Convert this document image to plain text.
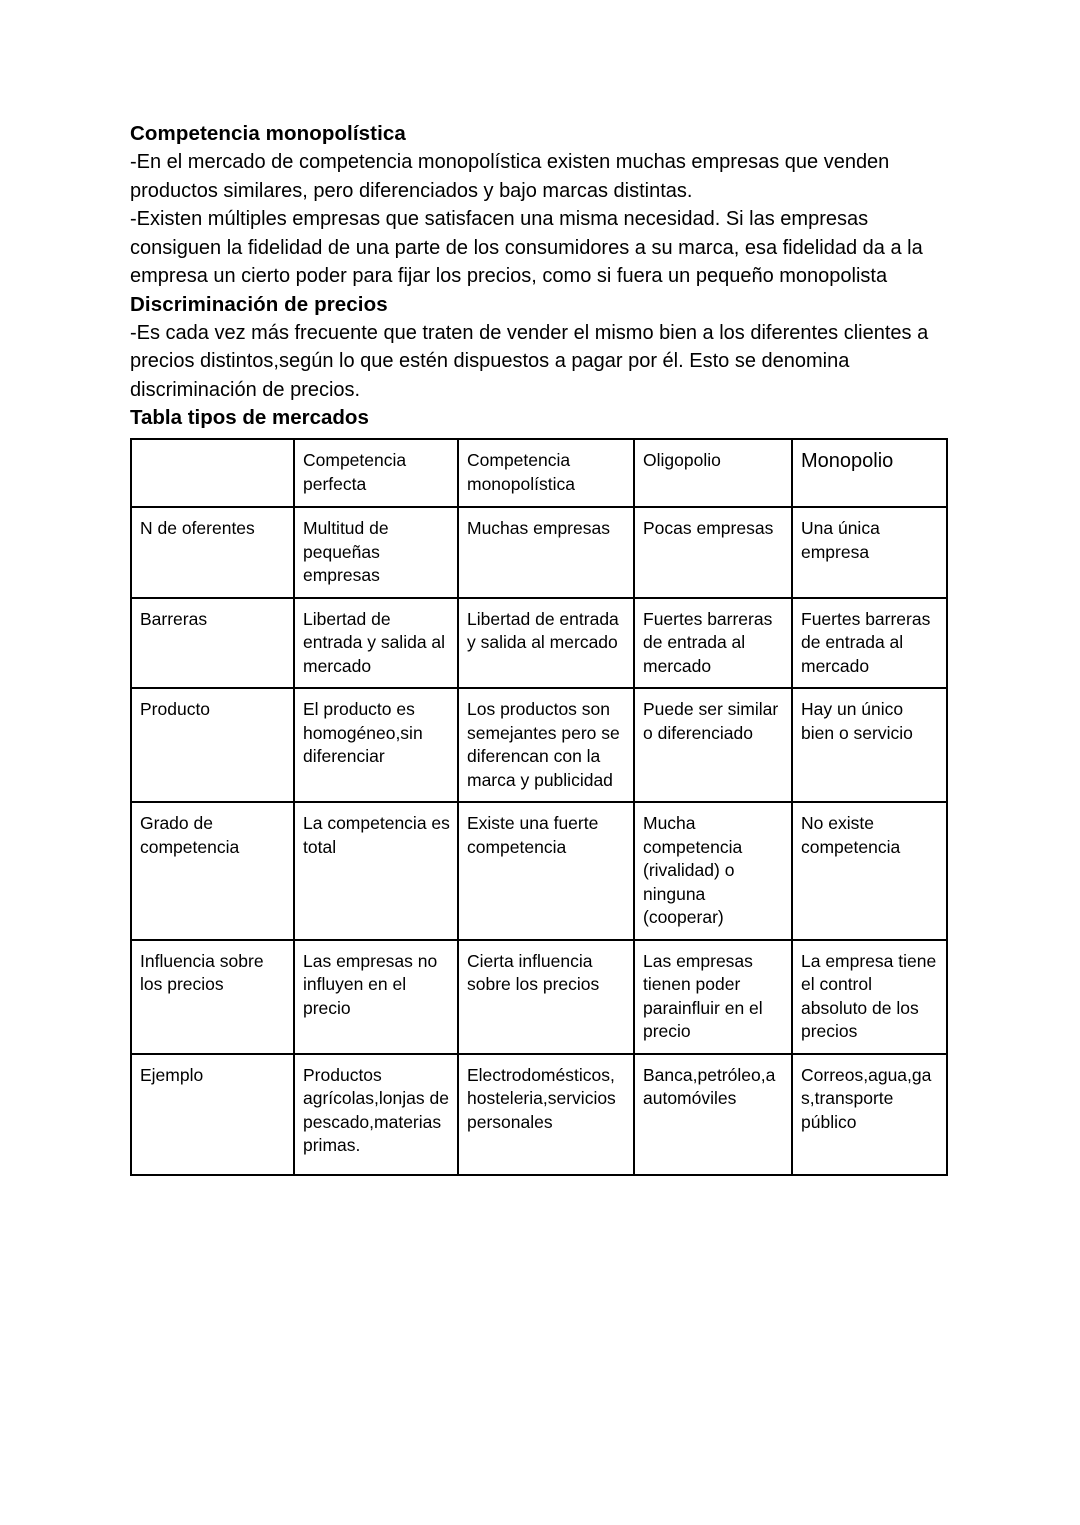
Competencia monopolística

-En el mercado de competencia monopolística existen muchas empresas que venden productos similares, pero diferenciados y bajo marcas distintas.

-Existen múltiples empresas que satisfacen una misma necesidad. Si las empresas consiguen la fidelidad de una parte de los consumidores a su marca, esa fidelidad da a la empresa un cierto poder para fijar los precios, como si fuera un pequeño monopolista

Discriminación de precios

-Es cada vez más frecuente que traten de vender el mismo bien a los diferentes clientes a precios distintos,según lo que estén dispuestos a pagar por él. Esto se denomina discriminación de precios.

Tabla tipos de mercados
	Competencia perfecta	Competencia monopolística	Oligopolio	Monopolio
N de oferentes	Multitud de pequeñas empresas	Muchas empresas	Pocas empresas	Una única empresa
Barreras	Libertad de entrada y salida al mercado	Libertad de entrada y salida al mercado	Fuertes barreras de entrada al mercado	Fuertes barreras de entrada al mercado
Producto	El producto es homogéneo,sin diferenciar	Los productos son semejantes pero se diferencan con la marca y publicidad	Puede ser similar o diferenciado	Hay un único bien o servicio
Grado de competencia	La competencia es total	Existe una fuerte competencia	Mucha competencia (rivalidad) o ninguna (cooperar)	No existe competencia
Influencia sobre los precios	Las empresas no influyen en el precio	Cierta influencia sobre los precios	Las empresas tienen poder parainfluir en el precio	La empresa tiene el control absoluto de los precios
Ejemplo	Productos agrícolas,lonjas de pescado,materias primas.	Electrodomésticos, hosteleria,servicios personales	Banca,petróleo,a automóviles	Correos,agua,gas,transporte público
